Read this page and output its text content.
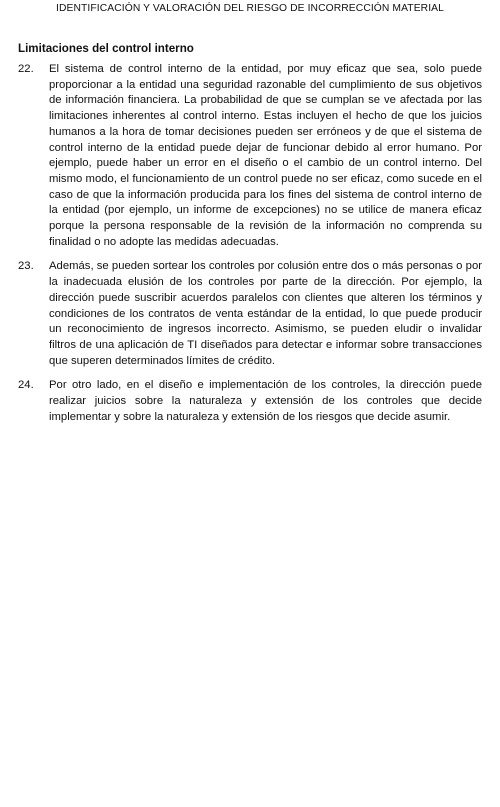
IDENTIFICACIÓN Y VALORACIÓN DEL RIESGO DE INCORRECCIÓN MATERIAL
Limitaciones del control interno
22.	El sistema de control interno de la entidad, por muy eficaz que sea, solo puede proporcionar a la entidad una seguridad razonable del cumplimiento de sus objetivos de información financiera. La probabilidad de que se cumplan se ve afectada por las limitaciones inherentes al control interno. Estas incluyen el hecho de que los juicios humanos a la hora de tomar decisiones pueden ser erróneos y de que el sistema de control interno de la entidad puede dejar de funcionar debido al error humano. Por ejemplo, puede haber un error en el diseño o el cambio de un control interno. Del mismo modo, el funcionamiento de un control puede no ser eficaz, como sucede en el caso de que la información producida para los fines del sistema de control interno de la entidad (por ejemplo, un informe de excepciones) no se utilice de manera eficaz porque la persona responsable de la revisión de la información no comprenda su finalidad o no adopte las medidas adecuadas.
23.	Además, se pueden sortear los controles por colusión entre dos o más personas o por la inadecuada elusión de los controles por parte de la dirección. Por ejemplo, la dirección puede suscribir acuerdos paralelos con clientes que alteren los términos y condiciones de los contratos de venta estándar de la entidad, lo que puede producir un reconocimiento de ingresos incorrecto. Asimismo, se pueden eludir o invalidar filtros de una aplicación de TI diseñados para detectar e informar sobre transacciones que superen determinados límites de crédito.
24.	Por otro lado, en el diseño e implementación de los controles, la dirección puede realizar juicios sobre la naturaleza y extensión de los controles que decide implementar y sobre la naturaleza y extensión de los riesgos que decide asumir.
